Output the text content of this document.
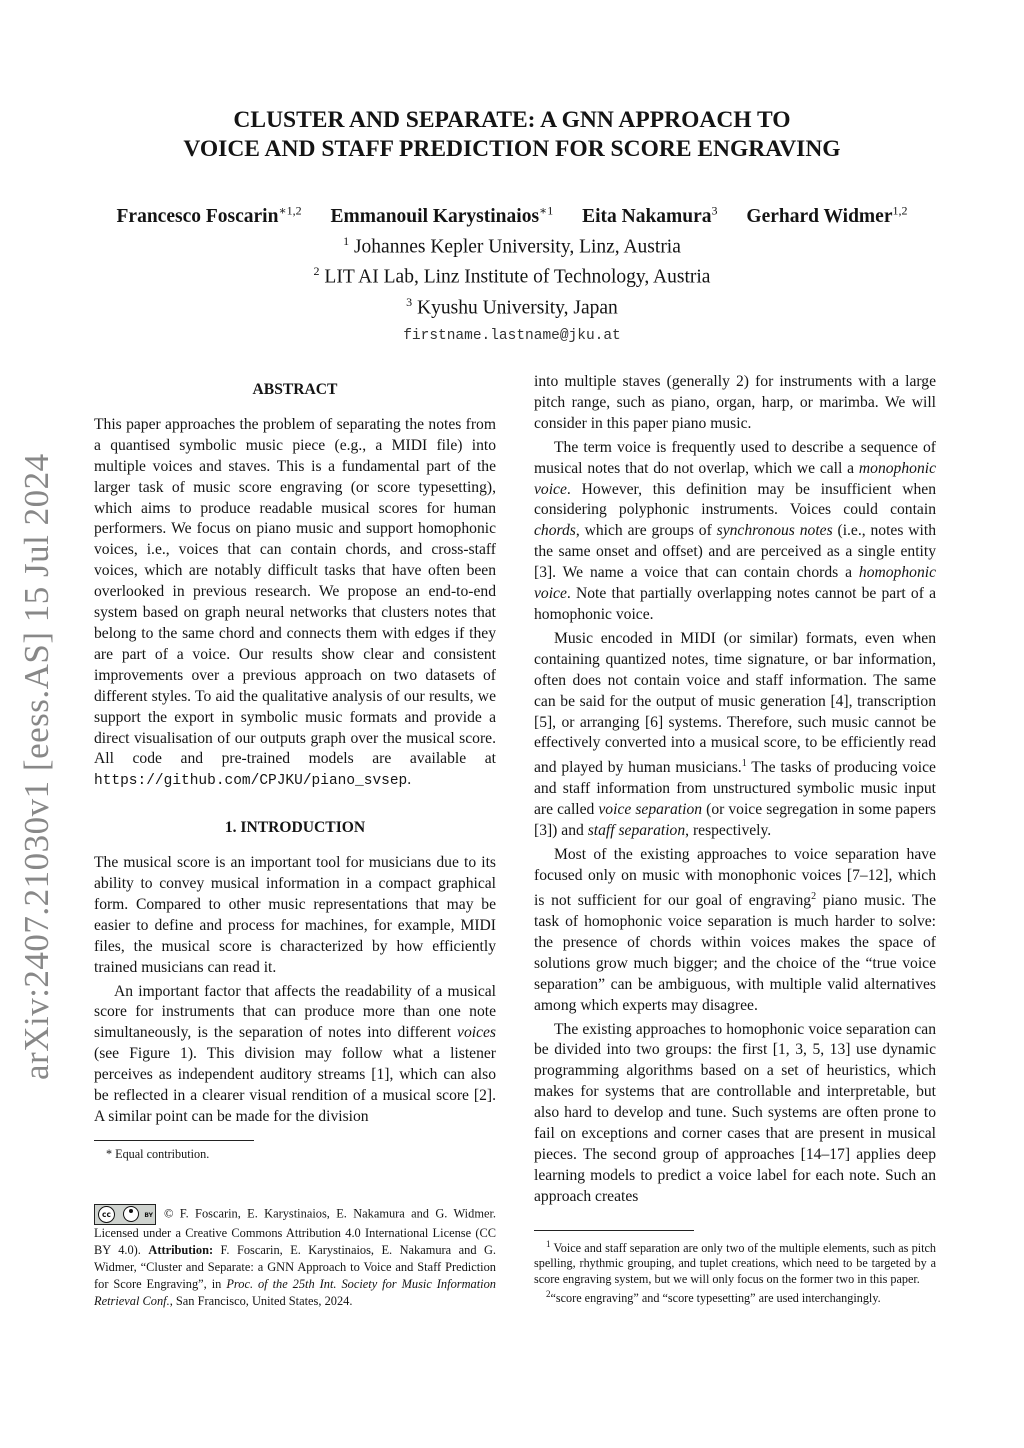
arXiv:2407.21030v1 [eess.AS] 15 Jul 2024
CLUSTER AND SEPARATE: A GNN APPROACH TO
VOICE AND STAFF PREDICTION FOR SCORE ENGRAVING
Francesco Foscarin$^{∗1,2}$ Emmanouil Karystinaios$^{∗1}$ Eita Nakamura$^3$ Gerhard Widmer$^{1,2}$
$^1$ Johannes Kepler University, Linz, Austria
$^2$ LIT AI Lab, Linz Institute of Technology, Austria
$^3$ Kyushu University, Japan
firstname.lastname@jku.at
ABSTRACT

This paper approaches the problem of separating the notes from a quantised symbolic music piece (e.g., a MIDI file) into multiple voices and staves. This is a fundamental part of the larger task of music score engraving (or score typesetting), which aims to produce readable musical scores for human performers. We focus on piano music and support homophonic voices, i.e., voices that can contain chords, and cross-staff voices, which are notably difficult tasks that have often been overlooked in previous research. We propose an end-to-end system based on graph neural networks that clusters notes that belong to the same chord and connects them with edges if they are part of a voice. Our results show clear and consistent improvements over a previous approach on two datasets of different styles. To aid the qualitative analysis of our results, we support the export in symbolic music formats and provide a direct visualisation of our outputs graph over the musical score. All code and pre-trained models are available at https://github.com/CPJKU/piano_svsep.

1. INTRODUCTION

The musical score is an important tool for musicians due to its ability to convey musical information in a compact graphical form. Compared to other music representations that may be easier to define and process for machines, for example, MIDI files, the musical score is characterized by how efficiently trained musicians can read it.

An important factor that affects the readability of a musical score for instruments that can produce more than one note simultaneously, is the separation of notes into different voices (see Figure 1). This division may follow what a listener perceives as independent auditory streams [1], which can also be reflected in a clearer visual rendition of a musical score [2]. A similar point can be made for the division

* Equal contribution.
cc	BY © F. Foscarin, E. Karystinaios, E. Nakamura and G. Widmer. Licensed under a Creative Commons Attribution 4.0 International License (CC BY 4.0). Attribution: F. Foscarin, E. Karystinaios, E. Nakamura and G. Widmer, “Cluster and Separate: a GNN Approach to Voice and Staff Prediction for Score Engraving”, in Proc. of the 25th Int. Society for Music Information Retrieval Conf., San Francisco, United States, 2024.

into multiple staves (generally 2) for instruments with a large pitch range, such as piano, organ, harp, or marimba. We will consider in this paper piano music.

The term voice is frequently used to describe a sequence of musical notes that do not overlap, which we call a monophonic voice. However, this definition may be insufficient when considering polyphonic instruments. Voices could contain chords, which are groups of synchronous notes (i.e., notes with the same onset and offset) and are perceived as a single entity [3]. We name a voice that can contain chords a homophonic voice. Note that partially overlapping notes cannot be part of a homophonic voice.

Music encoded in MIDI (or similar) formats, even when containing quantized notes, time signature, or bar information, often does not contain voice and staff information. The same can be said for the output of music generation [4], transcription [5], or arranging [6] systems. Therefore, such music cannot be effectively converted into a musical score, to be efficiently read and played by human musicians.$^1$ The tasks of producing voice and staff information from unstructured symbolic music input are called voice separation (or voice segregation in some papers [3]) and staff separation, respectively.

Most of the existing approaches to voice separation have focused only on music with monophonic voices [7–12], which is not sufficient for our goal of engraving$^2$ piano music. The task of homophonic voice separation is much harder to solve: the presence of chords within voices makes the space of solutions grow much bigger; and the choice of the “true voice separation” can be ambiguous, with multiple valid alternatives among which experts may disagree.

The existing approaches to homophonic voice separation can be divided into two groups: the first [1, 3, 5, 13] use dynamic programming algorithms based on a set of heuristics, which makes for systems that are controllable and interpretable, but also hard to develop and tune. Such systems are often prone to fail on exceptions and corner cases that are present in musical pieces. The second group of approaches [14–17] applies deep learning models to predict a voice label for each note. Such an approach creates

$^1$ Voice and staff separation are only two of the multiple elements, such as pitch spelling, rhythmic grouping, and tuplet creations, which need to be targeted by a score engraving system, but we will only focus on the former two in this paper.
$^2$“score engraving” and “score typesetting” are used interchangingly.
